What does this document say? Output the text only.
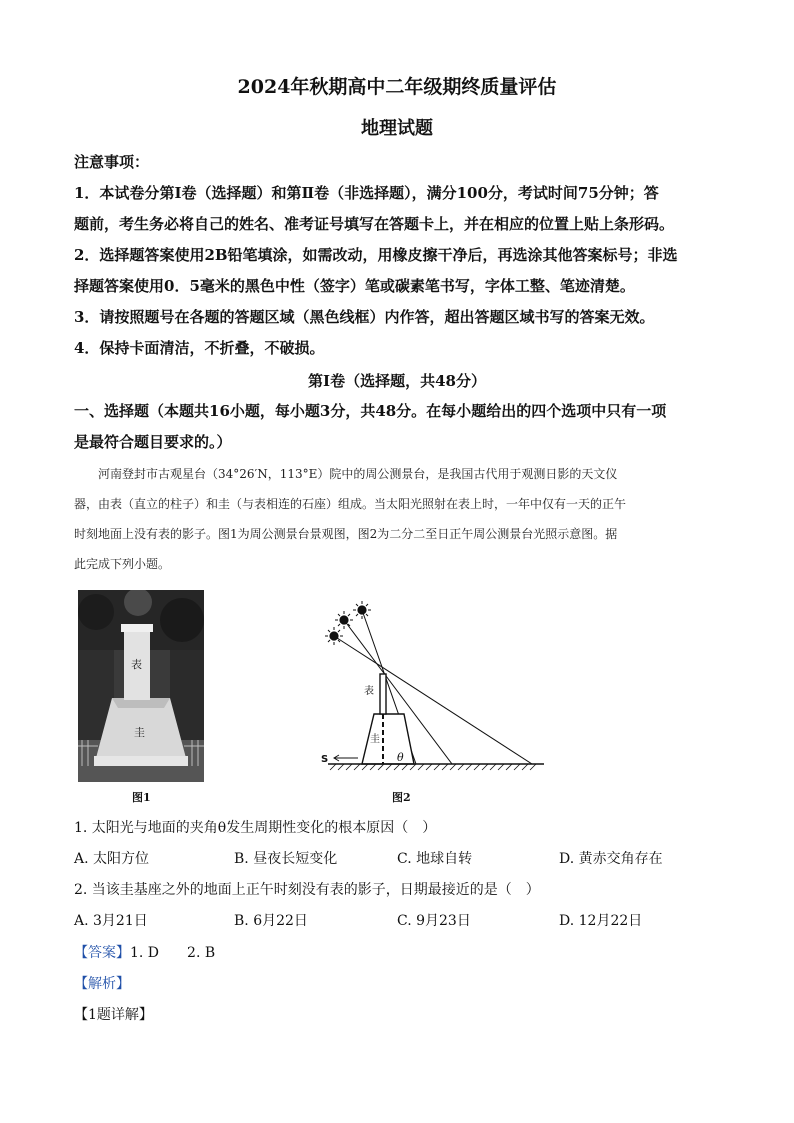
2024年秋期高中二年级期终质量评估
地理试题
注意事项：
1．本试卷分第Ⅰ卷（选择题）和第Ⅱ卷（非选择题），满分100分，考试时间75分钟；答
题前，考生务必将自己的姓名、准考证号填写在答题卡上，并在相应的位置上贴上条形码。
2．选择题答案使用2B铅笔填涂，如需改动，用橡皮擦干净后，再选涂其他答案标号；非选
择题答案使用0．5毫米的黑色中性（签字）笔或碳素笔书写，字体工整、笔迹清楚。
3．请按照题号在各题的答题区域（黑色线框）内作答，超出答题区域书写的答案无效。
4．保持卡面清洁，不折叠，不破损。
第Ⅰ卷（选择题，共48分）
一、选择题（本题共16小题，每小题3分，共48分。在每小题给出的四个选项中只有一项
是最符合题目要求的。）
河南登封市古观星台（34°26′N，113°E）院中的周公测景台，是我国古代用于观测日影的天文仪
器，由表（直立的柱子）和圭（与表相连的石座）组成。当太阳光照射在表上时，一年中仅有一天的正午
时刻地面上没有表的影子。图1为周公测景台景观图，图2为二分二至日正午周公测景台光照示意图。据
此完成下列小题。
表
圭
图1
S
表
圭
θ
图2
1. 太阳光与地面的夹角θ发生周期性变化的根本原因（　）
A. 太阳方位	B. 昼夜长短变化	C. 地球自转	D. 黄赤交角存在
2. 当该圭基座之外的地面上正午时刻没有表的影子，日期最接近的是（　）
A. 3月21日	B. 6月22日	C. 9月23日	D. 12月22日
【答案】1. D　　2. B
【解析】
【1题详解】
